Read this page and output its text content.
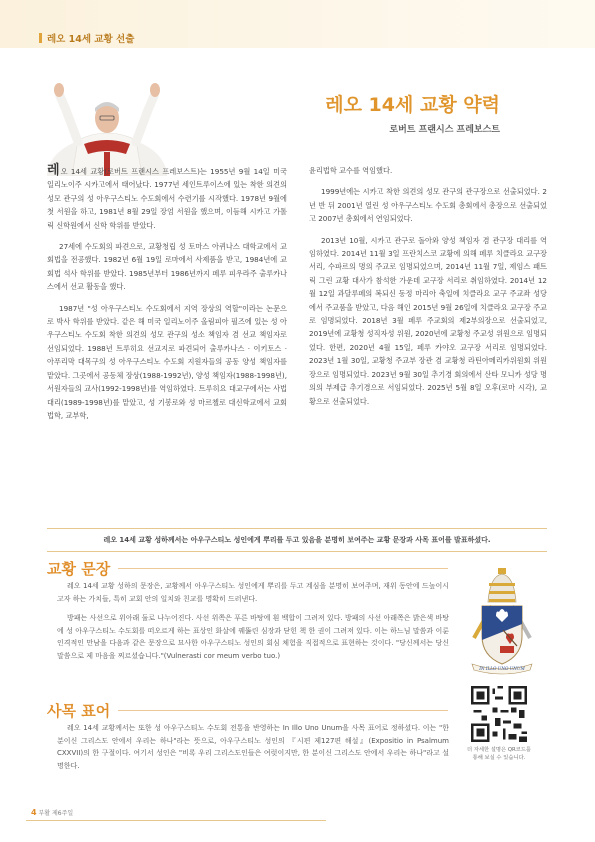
레오 14세 교황 선출
레오 14세 교황 약력
로버트 프랜시스 프레보스트

레오 14세 교황(로버트 프랜시스 프레보스트)는 1955년 9월 14일 미국 일리노이주 시카고에서 태어났다. 1977년 세인트루이스에 있는 착한 의견의 성모 관구의 성 아우구스티노 수도회에서 수련기를 시작했다. 1978년 9월에 첫 서원을 하고, 1981년 8월 29일 장엄 서원을 했으며, 이듬해 시카고 가톨릭 신학원에서 신학 학위를 받았다.

27세에 수도회의 파견으로, 교황청립 성 토마스 아퀴나스 대학교에서 교회법을 전공했다. 1982년 6월 19일 로마에서 사제품을 받고, 1984년에 교회법 석사 학위를 받았다. 1985년부터 1986년까지 페루 피우라주 출루카나스에서 선교 활동을 했다.

1987년 "성 아우구스티노 수도회에서 지역 장상의 역할"이라는 논문으로 박사 학위를 받았다. 같은 해 미국 일리노이주 올림피아 필즈에 있는 성 아우구스티노 수도회 착한 의견의 성모 관구의 성소 책임자 겸 선교 책임자로 선임되었다. 1988년 트루히요 선교지로 파견되어 출루카나스 · 이키토스 · 아푸리막 대목구의 성 아우구스티노 수도회 지원자들의 공동 양성 책임자를 맡았다. 그곳에서 공동체 장상(1988-1992년), 양성 책임자(1988-1998년), 서원자들의 교사(1992-1998년)를 역임하였다. 트루히요 대교구에서는 사법 대리(1989-1998년)를 맡았고, 성 기봉로와 성 마르첼로 대신학교에서 교회법학, 교부학,

윤리법학 교수를 역임했다.

1999년에는 시카고 착한 의견의 성모 관구의 관구장으로 선출되었다. 2년 반 뒤 2001년 열린 성 아우구스티노 수도회 총회에서 총장으로 선출되었고 2007년 총회에서 연임되었다.

2013년 10월, 시카고 관구로 돌아와 양성 책임자 겸 관구장 대리를 역임하였다. 2014년 11월 3일 프란치스코 교황에 의해 페루 치클라요 교구장 서리, 수파르의 명의 주교로 임명되었으며, 2014년 11월 7일, 제임스 패트릭 그린 교황 대사가 참석한 가운데 교구장 서리로 취임하였다. 2014년 12월 12일 과달루페의 복되신 동정 마리아 축일에 치클라요 교구 주교좌 성당에서 주교품을 받았고, 다음 해인 2015년 9월 26일에 치클라요 교구장 주교로 임명되었다. 2018년 3월 페루 주교회의 제2부의장으로 선출되었고, 2019년에 교황청 성직자성 위원, 2020년에 교황청 주교성 위원으로 임명되었다. 한편, 2020년 4월 15일, 페루 카야오 교구장 서리로 임명되었다. 2023년 1월 30일, 교황청 주교부 장관 겸 교황청 라틴아메리카위원회 위원장으로 임명되었다. 2023년 9월 30일 추기경 회의에서 산타 모니카 성당 명의의 부제급 추기경으로 서임되었다. 2025년 5월 8일 오후(로마 시각), 교황으로 선출되었다.

레오 14세 교황 성하께서는 아우구스티노 성인에게 뿌리를 두고 있음을 분명히 보여주는 교황 문장과 사목 표어를 발표하셨다.
교황 문장

레오 14세 교황 성하의 문장은, 교황께서 아우구스티노 성인에게 뿌리를 두고 계심을 분명히 보여주며, 재위 동안에 드높이시고자 하는 가치들, 특히 교회 안의 일치와 친교를 명확히 드러낸다.

방패는 사선으로 위아래 둘로 나누어진다. 사선 위쪽은 푸른 바탕에 흰 백합이 그려져 있다. 방패의 사선 아래쪽은 밝은색 바탕에 성 아우구스티노 수도회를 떠오르게 하는 표상인 화살에 꿰뚫린 심장과 닫힌 책 한 권이 그려져 있다. 이는 하느님 말씀과 이룬 인격적인 만남을 다음과 같은 문장으로 묘사한 아우구스티노 성인의 회심 체험을 직접적으로 표현하는 것이다. "당신께서는 당신 말씀으로 제 마음을 찌르셨습니다."(Vulnerasti cor meum verbo tuo.)

사목 표어

레오 14세 교황께서는 또한 성 아우구스티노 수도회 전통을 반영하는 In Illo Uno Unum을 사목 표어로 정하셨다. 이는 "한 분이신 그리스도 안에서 우리는 하나"라는 뜻으로, 아우구스티노 성인의 『시편 제127편 해설』(Expositio in Psalmum CXXVII)의 한 구절이다. 여기서 성인은 "비록 우리 그리스도인들은 여럿이지만, 한 분이신 그리스도 안에서 우리는 하나"라고 설명한다.

IN ILLO UNO UNUM
더 자세한 설명은 QR코드를
통해 보실 수 있습니다.
4 부활 제6주일
